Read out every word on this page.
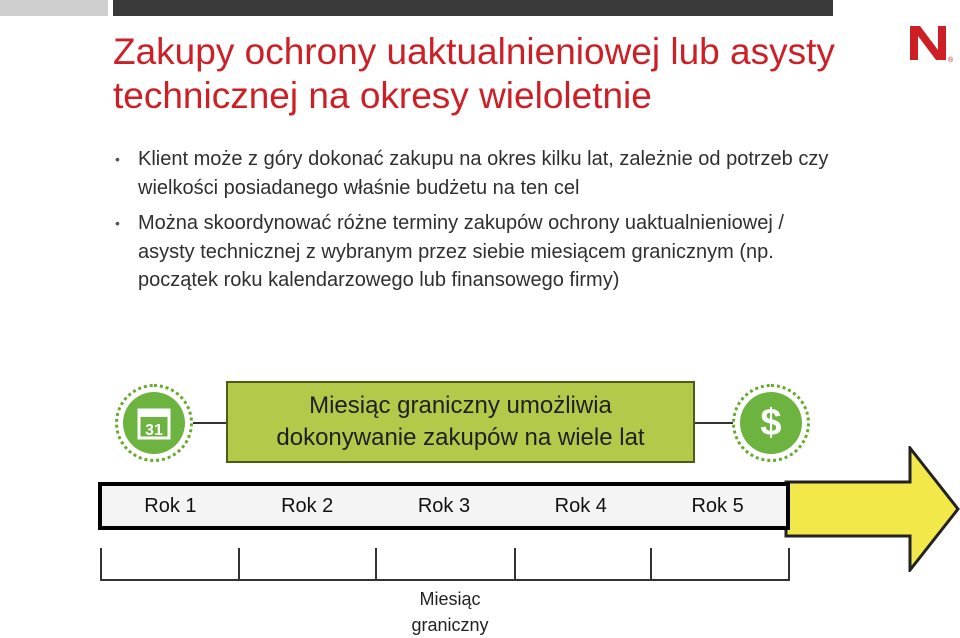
®
Zakupy ochrony uaktualnieniowej lub asysty technicznej na okresy wieloletnie
• Klient może z góry dokonać zakupu na okres kilku lat, zależnie od potrzeb czy wielkości posiadanego właśnie budżetu na ten cel
• Można skoordynować różne terminy zakupów ochrony uaktualnieniowej / asysty technicznej z wybranym przez siebie miesiącem granicznym (np. początek roku kalendarzowego lub finansowego firmy)
31
Miesiąc graniczny umożliwia
dokonywanie zakupów na wiele lat	$
Rok 1	Rok 2	Rok 3	Rok 4	Rok 5
Miesiąc
graniczny
